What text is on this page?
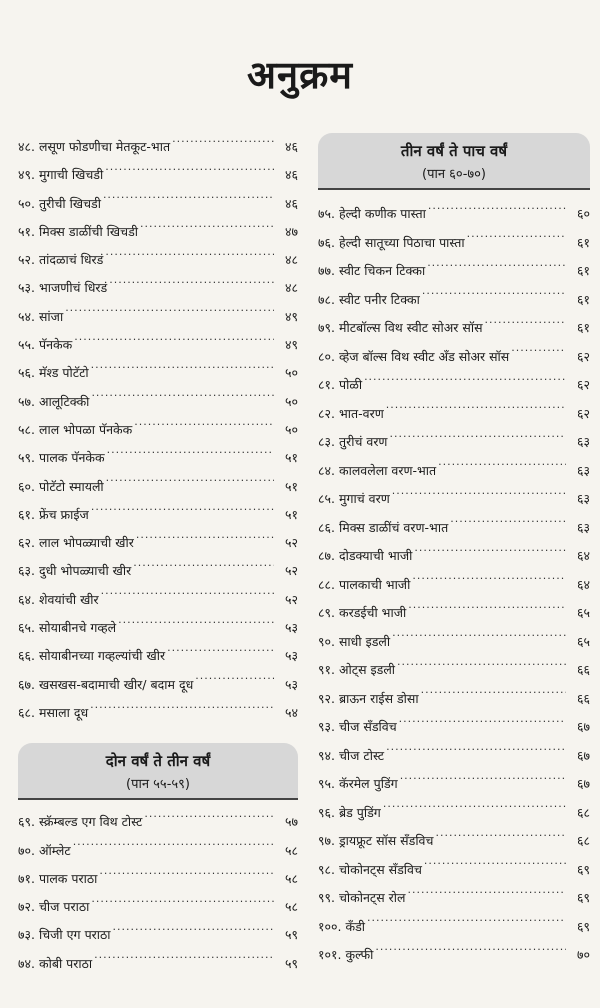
अनुक्रम
४८. लसूण फोडणीचा मेतकूट-भात .....	४६
४९. मुगाची खिचडी .....	४६
५०. तुरीची खिचडी .....	४६
५१. मिक्स डाळींची खिचडी .....	४७
५२. तांदळाचं धिरडं .....	४८
५३. भाजणीचं धिरडं .....	४८
५४. सांजा .....	४९
५५. पॅनकेक .....	४९
५६. मॅश्ड पोटॅटो .....	५०
५७. आलूटिक्की .....	५०
५८. लाल भोपळा पॅनकेक .....	५०
५९. पालक पॅनकेक .....	५१
६०. पोटॅटो स्मायली .....	५१
६१. फ्रेंच फ्राईज .....	५१
६२. लाल भोपळ्याची खीर .....	५२
६३. दुधी भोपळ्याची खीर .....	५२
६४. शेवयांची खीर .....	५२
६५. सोयाबीनचे गव्हले .....	५३
६६. सोयाबीनच्या गव्हल्यांची खीर .....	५३
६७. खसखस-बदामाची खीर/ बदाम दूध .....	५३
६८. मसाला दूध .....	५४
दोन वर्षं ते तीन वर्षं
(पान ५५-५९)
६९. स्क्रॅम्बल्ड एग विथ टोस्ट .....	५७
७०. ऑम्लेट .....	५८
७१. पालक पराठा .....	५८
७२. चीज पराठा .....	५८
७३. चिजी एग पराठा .....	५९
७४. कोबी पराठा .....	५९
तीन वर्षं ते पाच वर्षं
(पान ६०-७०)
७५. हेल्दी कणीक पास्ता .....	६०
७६. हेल्दी सातूच्या पिठाचा पास्ता .....	६१
७७. स्वीट चिकन टिक्का .....	६१
७८. स्वीट पनीर टिक्का .....	६१
७९. मीटबॉल्स विथ स्वीट सोअर सॉस .....	६१
८०. व्हेज बॉल्स विथ स्वीट अँड सोअर सॉस .....	६२
८१. पोळी .....	६२
८२. भात-वरण .....	६२
८३. तुरीचं वरण .....	६३
८४. कालवलेला वरण-भात .....	६३
८५. मुगाचं वरण .....	६३
८६. मिक्स डाळींचं वरण-भात .....	६३
८७. दोडक्याची भाजी .....	६४
८८. पालकाची भाजी .....	६४
८९. करडईची भाजी .....	६५
९०. साधी इडली .....	६५
९१. ओट्स इडली .....	६६
९२. ब्राऊन राईस डोसा .....	६६
९३. चीज सँडविच .....	६७
९४. चीज टोस्ट .....	६७
९५. कॅरमेल पुडिंग .....	६७
९६. ब्रेड पुडिंग .....	६८
९७. ड्रायफ्रूट सॉस सँडविच .....	६८
९८. चोकोनट्स सँडविच .....	६९
९९. चोकोनट्स रोल .....	६९
१००. कँडी .....	६९
१०१. कुल्फी .....	७०
